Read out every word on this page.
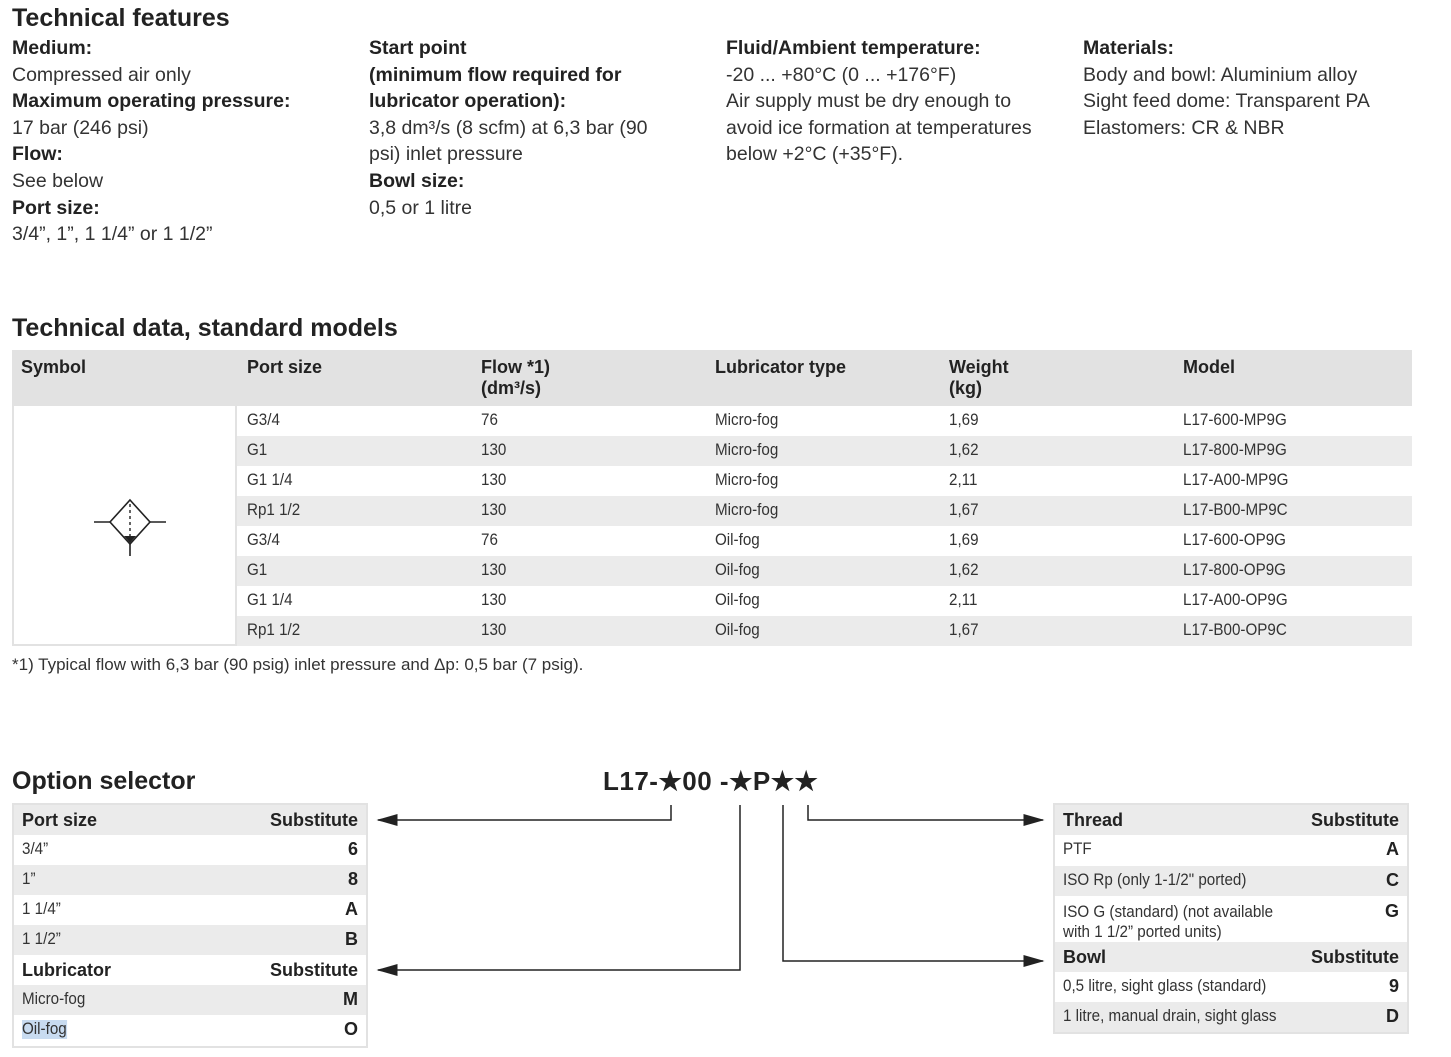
Technical features
Medium:
Compressed air only
Maximum operating pressure:
17 bar (246 psi)
Flow:
See below
Port size:
3/4”, 1”, 1 1/4” or 1 1/2”
Start point
(minimum flow required for
lubricator operation):
3,8 dm³/s (8 scfm) at 6,3 bar (90
psi) inlet pressure
Bowl size:
0,5 or 1 litre
Fluid/Ambient temperature:
-20 ... +80°C (0 ... +176°F)
Air supply must be dry enough to
avoid ice formation at temperatures
below +2°C (+35°F).
Materials:
Body and bowl: Aluminium alloy
Sight feed dome: Transparent PA
Elastomers: CR & NBR
Technical data, standard models
Symbol	Port size	Flow *1)
(dm³/s)
Lubricator type	Weight
(kg)
Model
G3/4	76	Micro-fog	1,69	L17-600-MP9G
G1	130	Micro-fog	1,62	L17-800-MP9G
G1 1/4	130	Micro-fog	2,11	L17-A00-MP9G
Rp1 1/2	130	Micro-fog	1,67	L17-B00-MP9C
G3/4	76	Oil-fog	1,69	L17-600-OP9G
G1	130	Oil-fog	1,62	L17-800-OP9G
G1 1/4	130	Oil-fog	2,11	L17-A00-OP9G
Rp1 1/2	130	Oil-fog	1,67	L17-B00-OP9C
*1) Typical flow with 6,3 bar (90 psig) inlet pressure and Δp: 0,5 bar (7 psig).
Option selector	L17-★00 -★P★★
Port size	Substitute
3/4”	6
1”	8
1 1/4”	A
1 1/2”	B
Lubricator	Substitute
Micro-fog	M
Oil-fog	O
Thread	Substitute
PTF	A
ISO Rp (only 1-1/2" ported)	C
ISO G (standard) (not available
with 1 1/2” ported units)
G
Bowl	Substitute
0,5 litre, sight glass (standard)	9
1 litre, manual drain, sight glass	D
